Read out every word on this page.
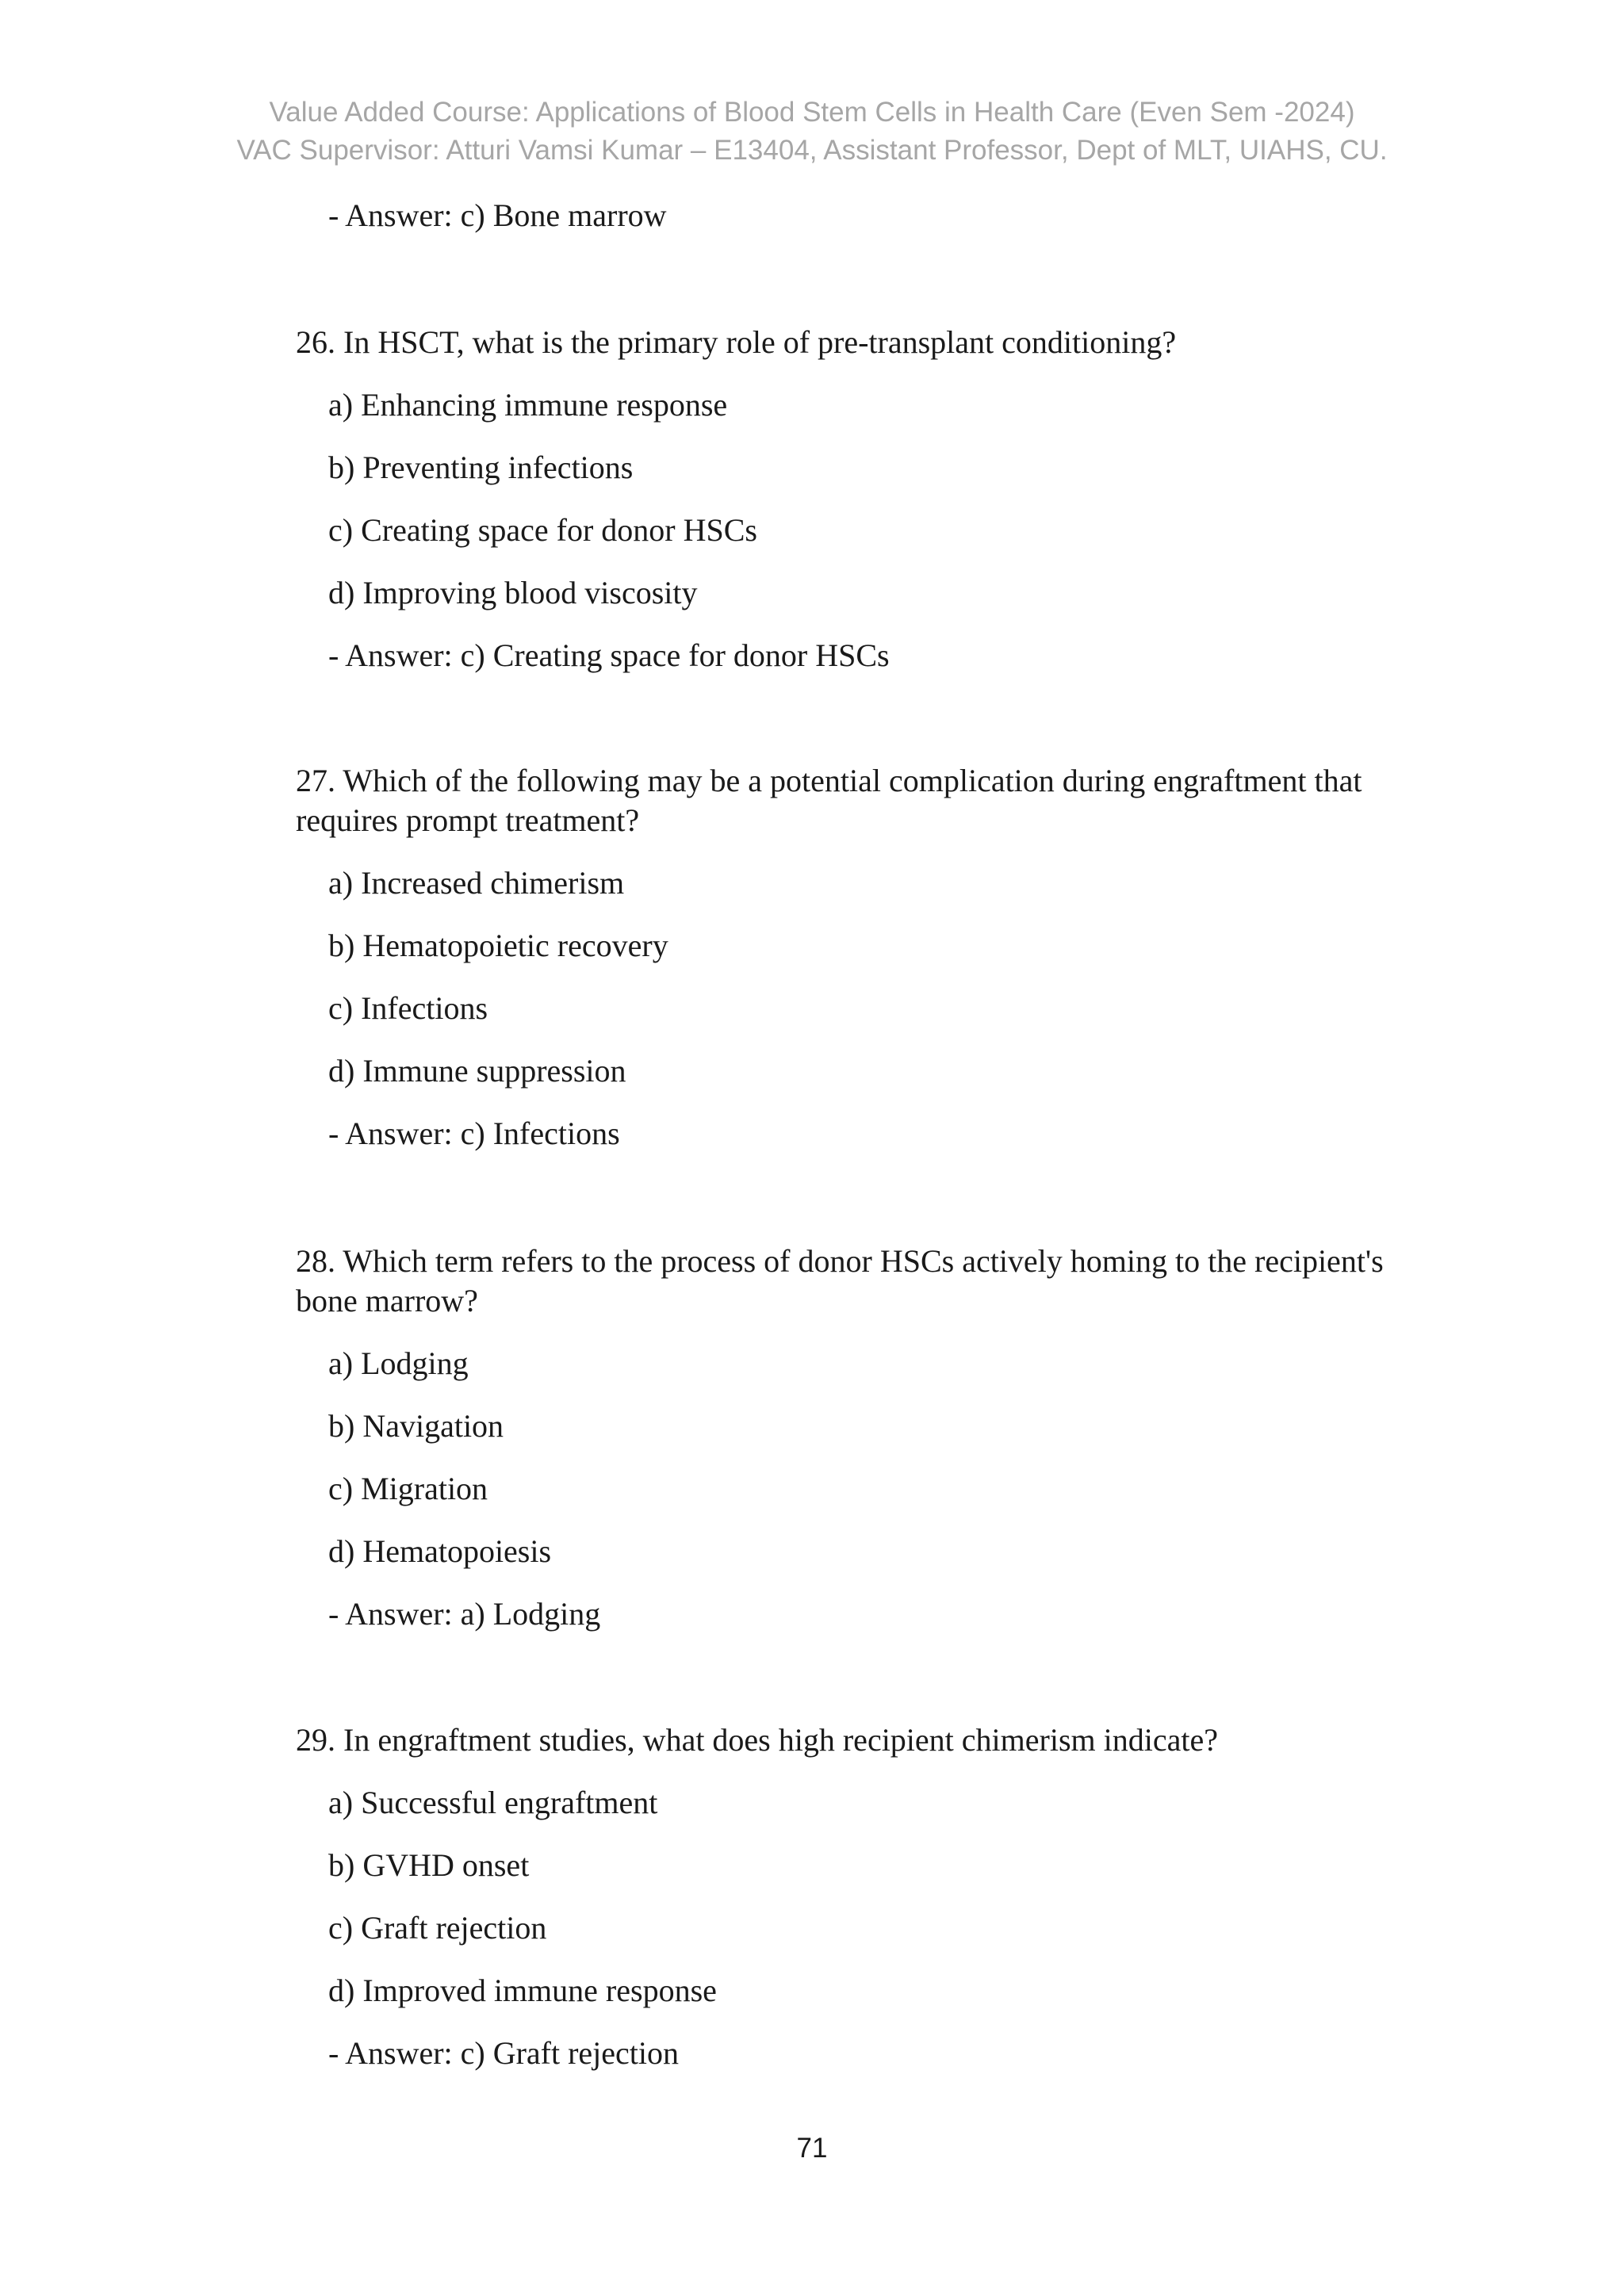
Value Added Course: Applications of Blood Stem Cells in Health Care (Even Sem -2024)
VAC Supervisor: Atturi Vamsi Kumar – E13404, Assistant Professor, Dept of MLT, UIAHS, CU.
- Answer: c) Bone marrow

26. In HSCT, what is the primary role of pre-transplant conditioning?

a) Enhancing immune response
b) Preventing infections
c) Creating space for donor HSCs
d) Improving blood viscosity
- Answer: c) Creating space for donor HSCs

27. Which of the following may be a potential complication during engraftment that requires prompt treatment?

a) Increased chimerism
b) Hematopoietic recovery
c) Infections
d) Immune suppression
- Answer: c) Infections

28. Which term refers to the process of donor HSCs actively homing to the recipient's bone marrow?

a) Lodging
b) Navigation
c) Migration
d) Hematopoiesis
- Answer: a) Lodging

29. In engraftment studies, what does high recipient chimerism indicate?

a) Successful engraftment
b) GVHD onset
c) Graft rejection
d) Improved immune response
- Answer: c) Graft rejection
71
